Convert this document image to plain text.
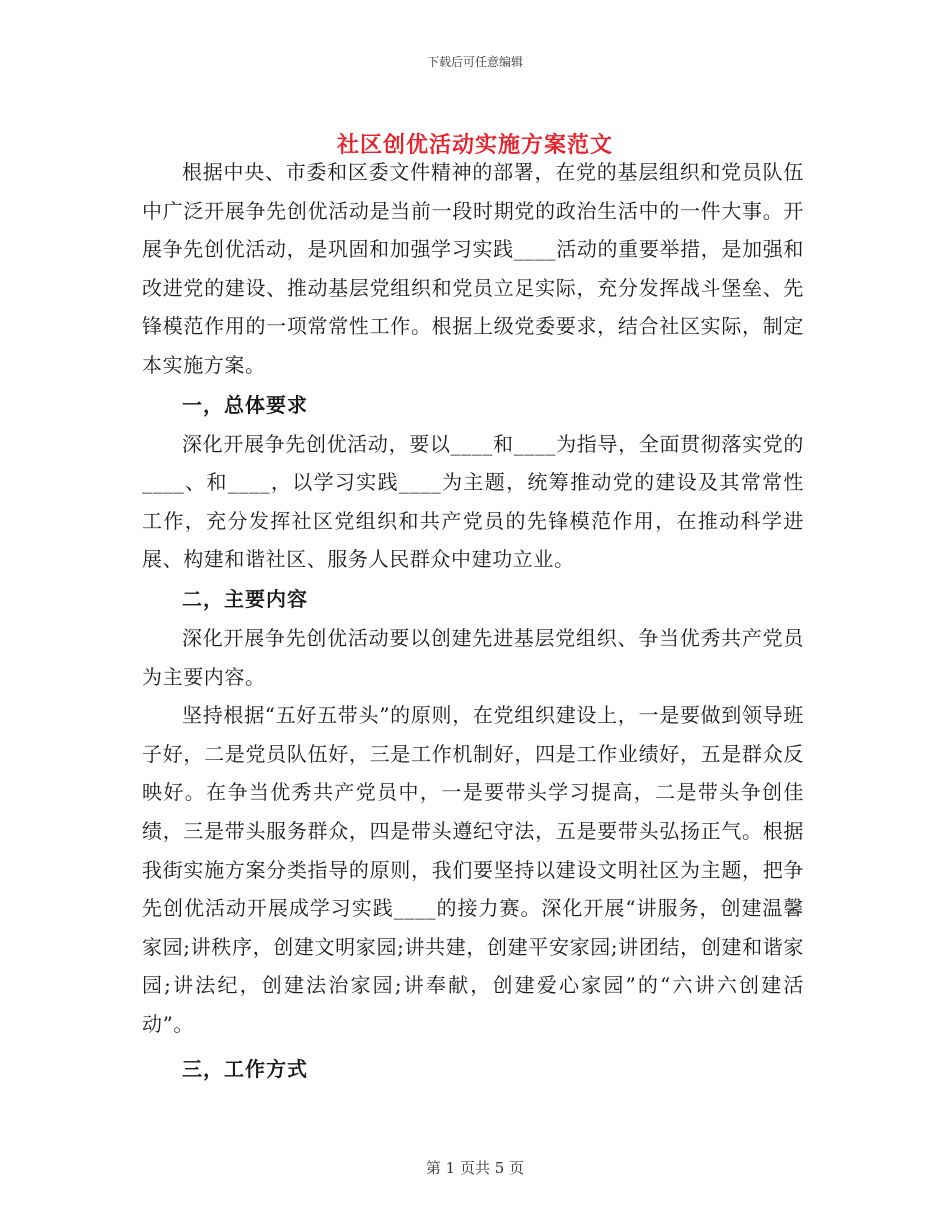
下载后可任意编辑
社区创优活动实施方案范文

根据中央、市委和区委文件精神的部署，在党的基层组织和党员队伍中广泛开展争先创优活动是当前一段时期党的政治生活中的一件大事。开展争先创优活动，是巩固和加强学习实践____活动的重要举措，是加强和改进党的建设、推动基层党组织和党员立足实际，充分发挥战斗堡垒、先锋模范作用的一项常常性工作。根据上级党委要求，结合社区实际，制定本实施方案。

一，总体要求

深化开展争先创优活动，要以____和____为指导，全面贯彻落实党的____、和____，以学习实践____为主题，统筹推动党的建设及其常常性工作，充分发挥社区党组织和共产党员的先锋模范作用，在推动科学进展、构建和谐社区、服务人民群众中建功立业。

二，主要内容

深化开展争先创优活动要以创建先进基层党组织、争当优秀共产党员为主要内容。

坚持根据“五好五带头”的原则，在党组织建设上，一是要做到领导班子好，二是党员队伍好，三是工作机制好，四是工作业绩好，五是群众反映好。在争当优秀共产党员中，一是要带头学习提高，二是带头争创佳绩，三是带头服务群众，四是带头遵纪守法，五是要带头弘扬正气。根据我街实施方案分类指导的原则，我们要坚持以建设文明社区为主题，把争先创优活动开展成学习实践____的接力赛。深化开展“讲服务，创建温馨家园;讲秩序，创建文明家园;讲共建，创建平安家园;讲团结，创建和谐家园;讲法纪，创建法治家园;讲奉献，创建爱心家园”的“六讲六创建活动”。

三，工作方式
第 1 页共 5 页
